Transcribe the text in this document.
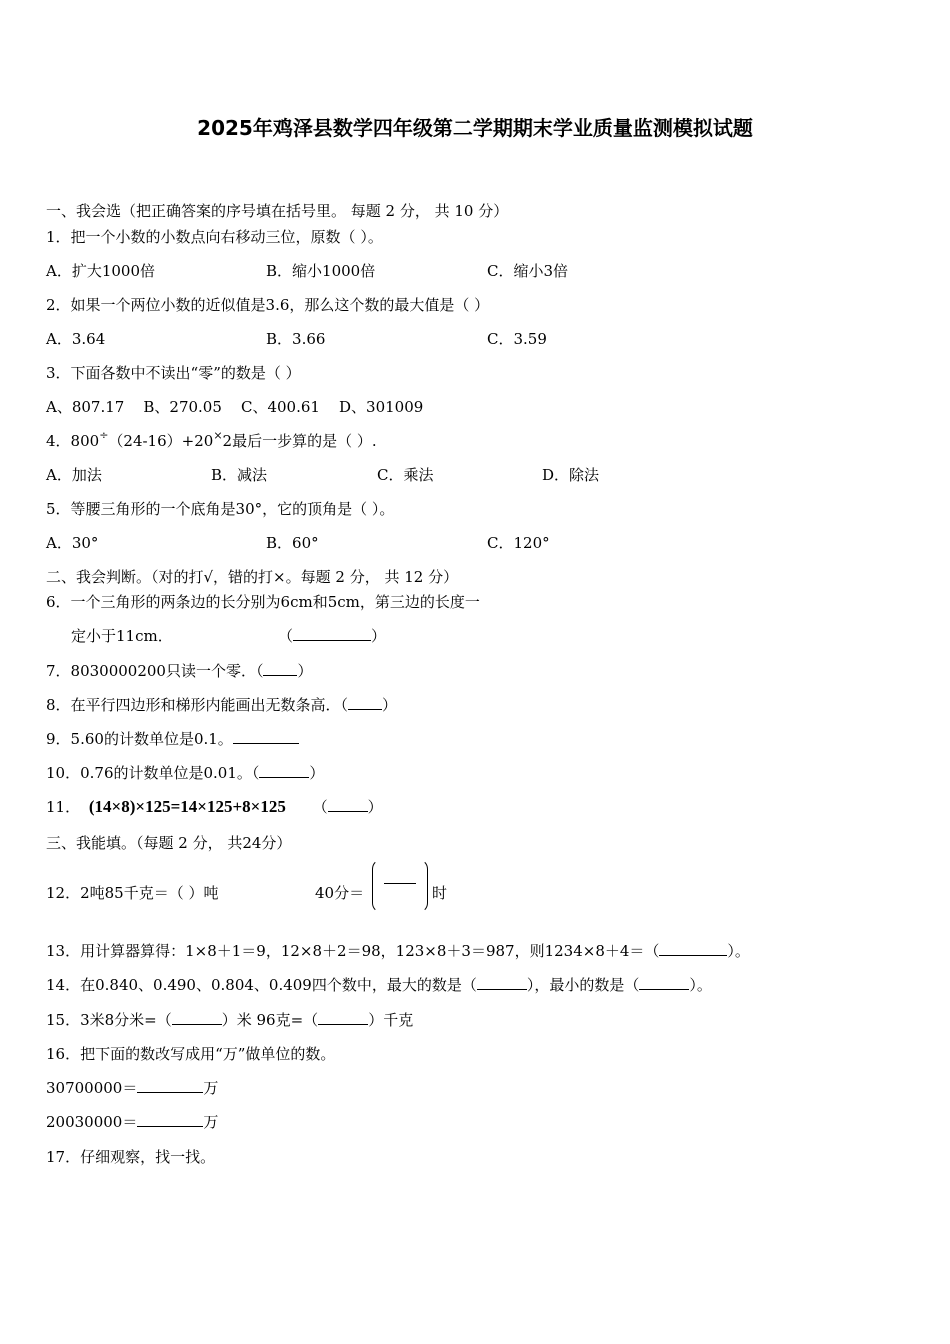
2025年鸡泽县数学四年级第二学期期末学业质量监测模拟试题
一、我会选（把正确答案的序号填在括号里。 每题 2 分， 共 10 分）
1．把一个小数的小数点向右移动三位，原数（ ）。
A．扩大1000倍	B．缩小1000倍	C．缩小3倍
2．如果一个两位小数的近似值是3.6，那么这个数的最大值是（ ）
A．3.64	B．3.66	C．3.59
3．下面各数中不读出“零”的数是（ ）
A、807.17    B、270.05    C、400.61    D、301009
4．800÷（24-16）+20×2最后一步算的是（ ）.
A．加法	B．减法	C．乘法	D．除法
5．等腰三角形的一个底角是30°，它的顶角是（ ）。
A．30°	B．60°	C．120°
二、我会判断。（对的打√，错的打×。每题 2 分， 共 12 分）
6．一个三角形的两条边的长分别为6cm和5cm，第三边的长度一
定小于11cm．	（	）
7．8030000200只读一个零．（ ）
8．在平行四边形和梯形内能画出无数条高．（ ）
9．5.60的计数单位是0.1。
10．0.76的计数单位是0.01。（	）
11． (14×8)×125=14×125+8×125 （	）
三、我能填。（每题 2 分， 共24分）
12．2吨85千克＝（ ）吨	40分＝	时
13．用计算器算得：1×8＋1＝9，12×8＋2＝98，123×8＋3＝987，则1234×8＋4＝（	）。
14．在0.840、0.490、0.804、0.409四个数中，最大的数是（	），最小的数是（	）。
15．3米8分米=（	）米 96克=（	）千克
16．把下面的数改写成用“万”做单位的数。
30700000＝	万
20030000＝	万
17．仔细观察，找一找。
